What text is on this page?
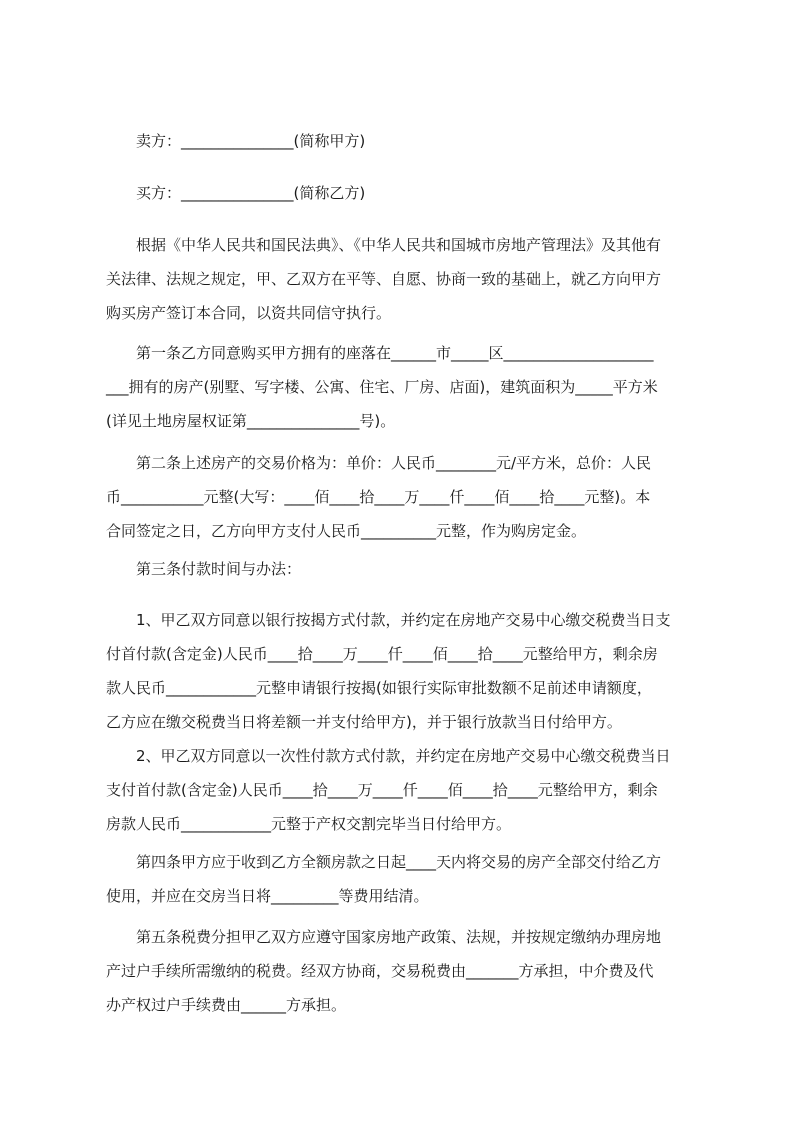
卖方：_______________(简称甲方)

买方：_______________(简称乙方)

根据《中华人民共和国民法典》、《中华人民共和国城市房地产管理法》及其他有
关法律、法规之规定，甲、乙双方在平等、自愿、协商一致的基础上，就乙方向甲方
购买房产签订本合同，以资共同信守执行。

第一条乙方同意购买甲方拥有的座落在______市_____区____________________
___拥有的房产(别墅、写字楼、公寓、住宅、厂房、店面)，建筑面积为_____平方米
(详见土地房屋权证第_______________号)。

第二条上述房产的交易价格为：单价：人民币________元/平方米，总价：人民
币___________元整(大写：____佰____拾____万____仟____佰____拾____元整)。本
合同签定之日，乙方向甲方支付人民币__________元整，作为购房定金。

第三条付款时间与办法：

1、甲乙双方同意以银行按揭方式付款，并约定在房地产交易中心缴交税费当日支
付首付款(含定金)人民币____拾____万____仟____佰____拾____元整给甲方，剩余房
款人民币____________元整申请银行按揭(如银行实际审批数额不足前述申请额度，
乙方应在缴交税费当日将差额一并支付给甲方)，并于银行放款当日付给甲方。

2、甲乙双方同意以一次性付款方式付款，并约定在房地产交易中心缴交税费当日
支付首付款(含定金)人民币____拾____万____仟____佰____拾____元整给甲方，剩余
房款人民币____________元整于产权交割完毕当日付给甲方。

第四条甲方应于收到乙方全额房款之日起____天内将交易的房产全部交付给乙方
使用，并应在交房当日将_________等费用结清。

第五条税费分担甲乙双方应遵守国家房地产政策、法规，并按规定缴纳办理房地
产过户手续所需缴纳的税费。经双方协商，交易税费由_______方承担，中介费及代
办产权过户手续费由______方承担。
